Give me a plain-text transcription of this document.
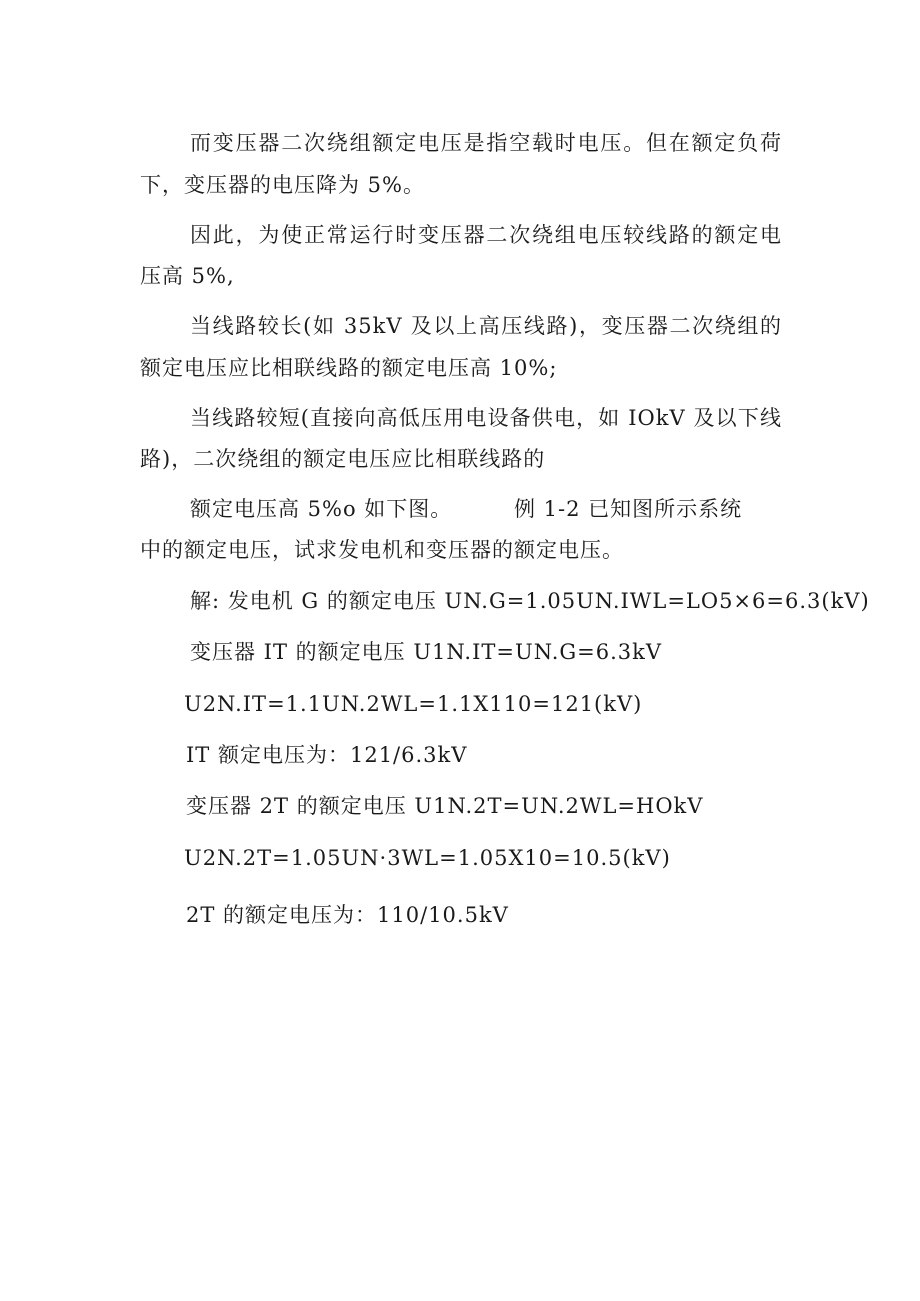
而变压器二次绕组额定电压是指空载时电压。但在额定负荷
下，变压器的电压降为 5%。
因此，为使正常运行时变压器二次绕组电压较线路的额定电
压高 5%,
当线路较长(如 35kV 及以上高压线路)，变压器二次绕组的
额定电压应比相联线路的额定电压高 10%;
当线路较短(直接向高低压用电设备供电，如 IOkV 及以下线
路)，二次绕组的额定电压应比相联线路的
额定电压高 5%o 如下图。	例 1-2 已知图所示系统
中的额定电压，试求发电机和变压器的额定电压。
解: 发电机 G 的额定电压 UN.G=1.05UN.IWL=LO5×6=6.3(kV)
变压器 IT 的额定电压 U1N.IT=UN.G=6.3kV
U2N.IT=1.1UN.2WL=1.1X110=121(kV)
IT 额定电压为：121/6.3kV
变压器 2T 的额定电压 U1N.2T=UN.2WL=HOkV
U2N.2T=1.05UN·3WL=1.05X10=10.5(kV)
2T 的额定电压为：110/10.5kV
